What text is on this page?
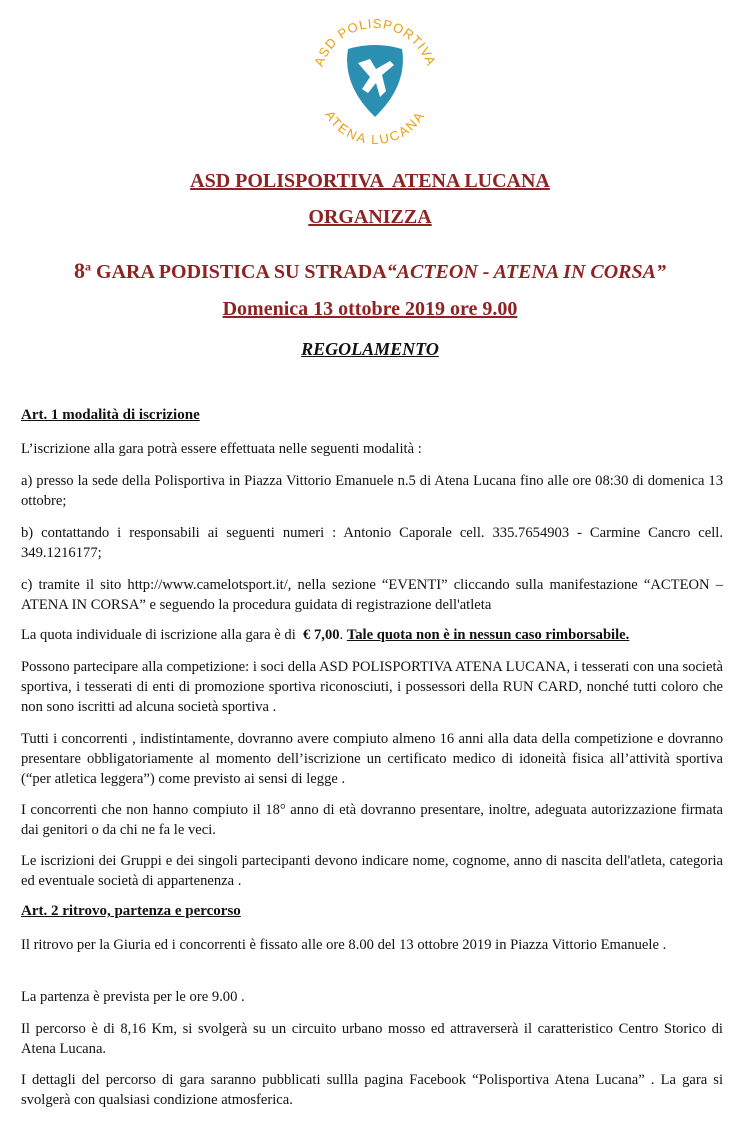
ASD POLISPORTIVA
ATENA LUCANA
ASD POLISPORTIVA  ATENA LUCANA
ORGANIZZA
8$^a$ GARA PODISTICA SU STRADA“ACTEON - ATENA IN CORSA”
Domenica 13 ottobre 2019 ore 9.00
REGOLAMENTO
Art. 1 modalità di iscrizione

L’iscrizione alla gara potrà essere effettuata nelle seguenti modalità :

a) presso la sede della Polisportiva in Piazza Vittorio Emanuele n.5 di Atena Lucana fino alle ore 08:30 di domenica 13 ottobre;

b) contattando i responsabili ai seguenti numeri : Antonio Caporale cell. 335.7654903 - Carmine Cancro cell. 349.1216177;

c) tramite il sito http://www.camelotsport.it/, nella sezione “EVENTI” cliccando sulla manifestazione “ACTEON – ATENA IN CORSA” e seguendo la procedura guidata di registrazione dell'atleta

La quota individuale di iscrizione alla gara è di  € 7,00. Tale quota non è in nessun caso rimborsabile.

Possono partecipare alla competizione: i soci della ASD POLISPORTIVA ATENA LUCANA, i tesserati con una società sportiva, i tesserati di enti di promozione sportiva riconosciuti, i possessori della RUN CARD, nonché tutti coloro che non sono iscritti ad alcuna società sportiva .

Tutti i concorrenti , indistintamente, dovranno avere compiuto almeno 16 anni alla data della competizione e dovranno presentare obbligatoriamente al momento dell’iscrizione un certificato medico di idoneità fisica all’attività sportiva (“per atletica leggera”) come previsto ai sensi di legge .

I concorrenti che non hanno compiuto il 18° anno di età dovranno presentare, inoltre, adeguata autorizzazione firmata dai genitori o da chi ne fa le veci.

Le iscrizioni dei Gruppi e dei singoli partecipanti devono indicare nome, cognome, anno di nascita dell'atleta, categoria ed eventuale società di appartenenza .

Art. 2 ritrovo, partenza e percorso

Il ritrovo per la Giuria ed i concorrenti è fissato alle ore 8.00 del 13 ottobre 2019 in Piazza Vittorio Emanuele .

La partenza è prevista per le ore 9.00 .

Il percorso è di 8,16 Km, si svolgerà su un circuito urbano mosso ed attraverserà il caratteristico Centro Storico di Atena Lucana.

I dettagli del percorso di gara saranno pubblicati sullla pagina Facebook “Polisportiva Atena Lucana” . La gara si svolgerà con qualsiasi condizione atmosferica.
